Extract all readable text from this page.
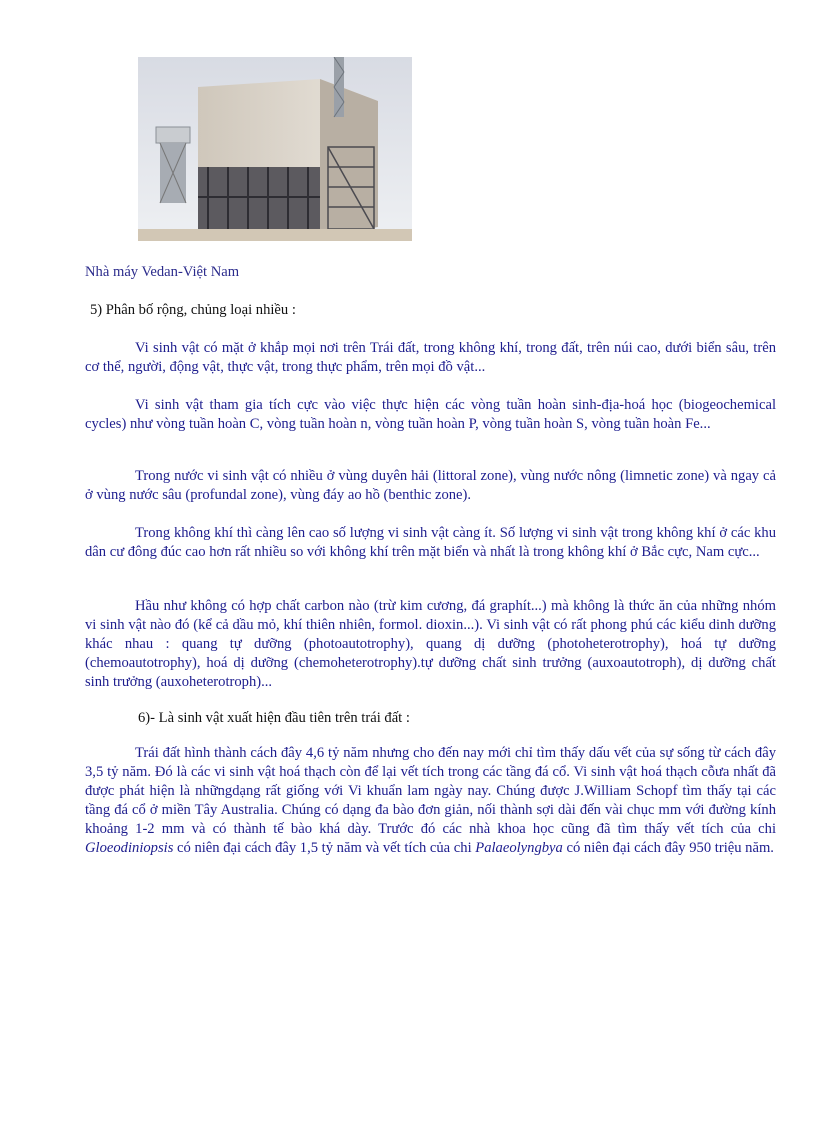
Nhà máy Vedan-Việt Nam

5) Phân bố rộng, chủng loại nhiều :

Vi sinh vật có mặt ở khắp mọi nơi trên Trái đất, trong không khí, trong đất, trên núi cao, dưới biển sâu, trên cơ thể, người, động vật, thực vật, trong thực phẩm, trên mọi đồ vật...

Vi sinh vật tham gia tích cực vào việc thực hiện các vòng tuần hoàn sinh-địa-hoá học (biogeochemical cycles) như vòng tuần hoàn C, vòng tuần hoàn n, vòng tuần hoàn P, vòng tuần hoàn S, vòng tuần hoàn Fe...

Trong nước vi sinh vật có nhiều ở vùng duyên hải (littoral zone), vùng nước nông (limnetic zone) và ngay cả ở vùng nước sâu (profundal zone), vùng đáy ao hồ (benthic zone).

Trong không khí thì càng lên cao số lượng vi sinh vật càng ít. Số lượng vi sinh vật trong không khí ở các khu dân cư đông đúc cao hơn rất nhiều so với không khí trên mặt biển và nhất là trong không khí ở Bắc cực, Nam cực...

Hầu như không có hợp chất carbon nào (trừ kim cương, đá graphít...) mà không là thức ăn của những nhóm vi sinh vật nào đó (kể cả dầu mỏ, khí thiên nhiên, formol. dioxin...). Vi sinh vật có rất phong phú các kiểu dinh dưỡng khác nhau : quang tự dưỡng (photoautotrophy), quang dị dưỡng (photoheterotrophy), hoá tự dưỡng (chemoautotrophy), hoá dị dưỡng (chemoheterotrophy).tự dưỡng chất sinh trưởng (auxoautotroph), dị dưỡng chất sinh trưởng (auxoheterotroph)...

6)- Là sinh vật xuất hiện đầu tiên trên trái đất :

Trái đất hình thành cách đây 4,6 tỷ năm nhưng cho đến nay mới chỉ tìm thấy dấu vết của sự sống từ cách đây 3,5 tỷ năm. Đó là các vi sinh vật hoá thạch còn để lại vết tích trong các tầng đá cổ. Vi sinh vật hoá thạch cỗưa nhất đã được phát hiện là nhữngdạng rất giống với Vi khuẩn lam ngày nay. Chúng được J.William Schopf tìm thấy tại các tầng đá cổ ở miền Tây Australia. Chúng có dạng đa bào đơn giản, nối thành sợi dài đến vài chục mm với đường kính khoảng 1-2 mm và có thành tế bào khá dày. Trước đó các nhà khoa học cũng đã tìm thấy vết tích của chi Gloeodiniopsis có niên đại cách đây 1,5 tỷ năm và vết tích của chi Palaeolyngbya có niên đại cách đây 950 triệu năm.
